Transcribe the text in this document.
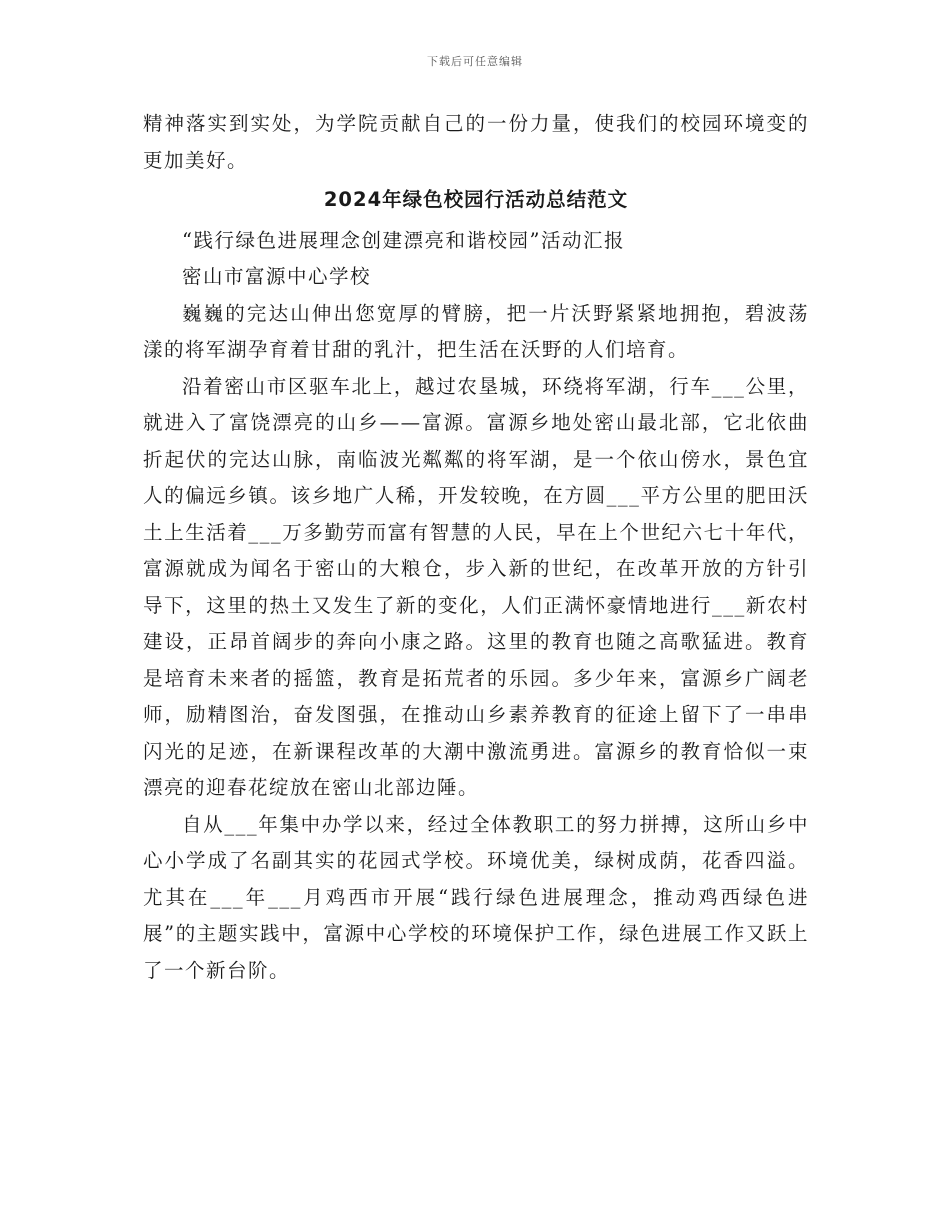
下载后可任意编辑

精神落实到实处，为学院贡献自己的一份力量，使我们的校园环境变的更加美好。

2024年绿色校园行活动总结范文

“践行绿色进展理念创建漂亮和谐校园”活动汇报

密山市富源中心学校

巍巍的完达山伸出您宽厚的臂膀，把一片沃野紧紧地拥抱，碧波荡漾的将军湖孕育着甘甜的乳汁，把生活在沃野的人们培育。

沿着密山市区驱车北上，越过农垦城，环绕将军湖，行车___公里，就进入了富饶漂亮的山乡——富源。富源乡地处密山最北部，它北依曲折起伏的完达山脉，南临波光粼粼的将军湖，是一个依山傍水，景色宜人的偏远乡镇。该乡地广人稀，开发较晚，在方圆___平方公里的肥田沃土上生活着___万多勤劳而富有智慧的人民，早在上个世纪六七十年代，富源就成为闻名于密山的大粮仓，步入新的世纪，在改革开放的方针引导下，这里的热土又发生了新的变化，人们正满怀豪情地进行___新农村建设，正昂首阔步的奔向小康之路。这里的教育也随之高歌猛进。教育是培育未来者的摇篮，教育是拓荒者的乐园。多少年来，富源乡广阔老师，励精图治，奋发图强，在推动山乡素养教育的征途上留下了一串串闪光的足迹，在新课程改革的大潮中激流勇进。富源乡的教育恰似一束漂亮的迎春花绽放在密山北部边陲。

自从___年集中办学以来，经过全体教职工的努力拼搏，这所山乡中心小学成了名副其实的花园式学校。环境优美，绿树成荫，花香四溢。尤其在___年___月鸡西市开展“践行绿色进展理念，推动鸡西绿色进展”的主题实践中，富源中心学校的环境保护工作，绿色进展工作又跃上了一个新台阶。
